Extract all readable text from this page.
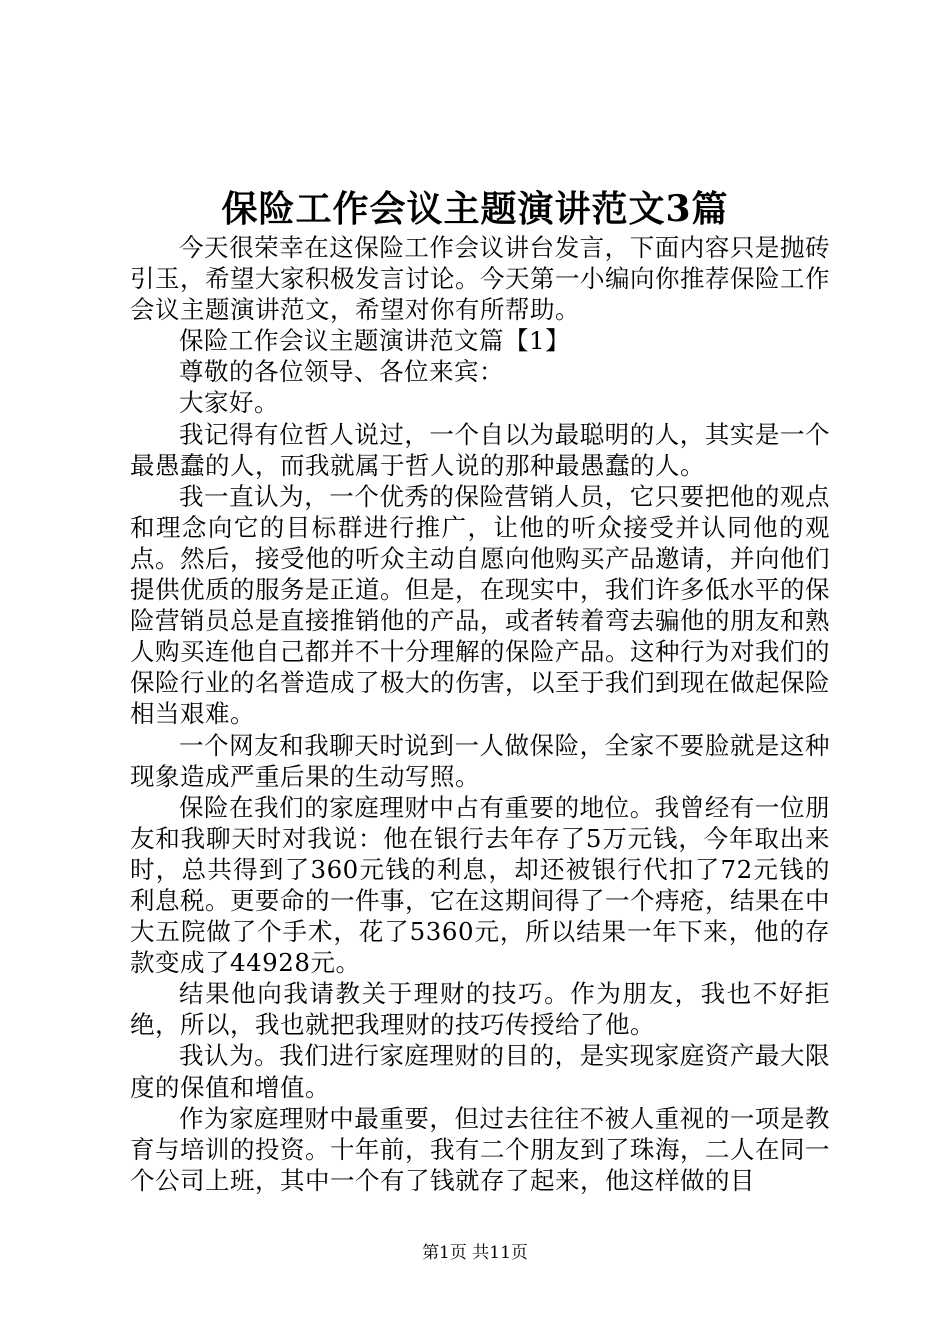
保险工作会议主题演讲范文3篇

今天很荣幸在这保险工作会议讲台发言，下面内容只是抛砖引玉，希望大家积极发言讨论。今天第一小编向你推荐保险工作会议主题演讲范文，希望对你有所帮助。

保险工作会议主题演讲范文篇【1】

尊敬的各位领导、各位来宾：

大家好。

我记得有位哲人说过，一个自以为最聪明的人，其实是一个最愚蠢的人，而我就属于哲人说的那种最愚蠢的人。

我一直认为，一个优秀的保险营销人员，它只要把他的观点和理念向它的目标群进行推广，让他的听众接受并认同他的观点。然后，接受他的听众主动自愿向他购买产品邀请，并向他们提供优质的服务是正道。但是，在现实中，我们许多低水平的保险营销员总是直接推销他的产品，或者转着弯去骗他的朋友和熟人购买连他自己都并不十分理解的保险产品。这种行为对我们的保险行业的名誉造成了极大的伤害，以至于我们到现在做起保险相当艰难。

一个网友和我聊天时说到一人做保险，全家不要脸就是这种现象造成严重后果的生动写照。

保险在我们的家庭理财中占有重要的地位。我曾经有一位朋友和我聊天时对我说：他在银行去年存了5万元钱，今年取出来时，总共得到了360元钱的利息，却还被银行代扣了72元钱的利息税。更要命的一件事，它在这期间得了一个痔疮，结果在中大五院做了个手术，花了5360元，所以结果一年下来，他的存款变成了44928元。

结果他向我请教关于理财的技巧。作为朋友，我也不好拒绝，所以，我也就把我理财的技巧传授给了他。

我认为。我们进行家庭理财的目的，是实现家庭资产最大限度的保值和增值。

作为家庭理财中最重要，但过去往往不被人重视的一项是教育与培训的投资。十年前，我有二个朋友到了珠海，二人在同一个公司上班，其中一个有了钱就存了起来，他这样做的目

第1页 共11页
